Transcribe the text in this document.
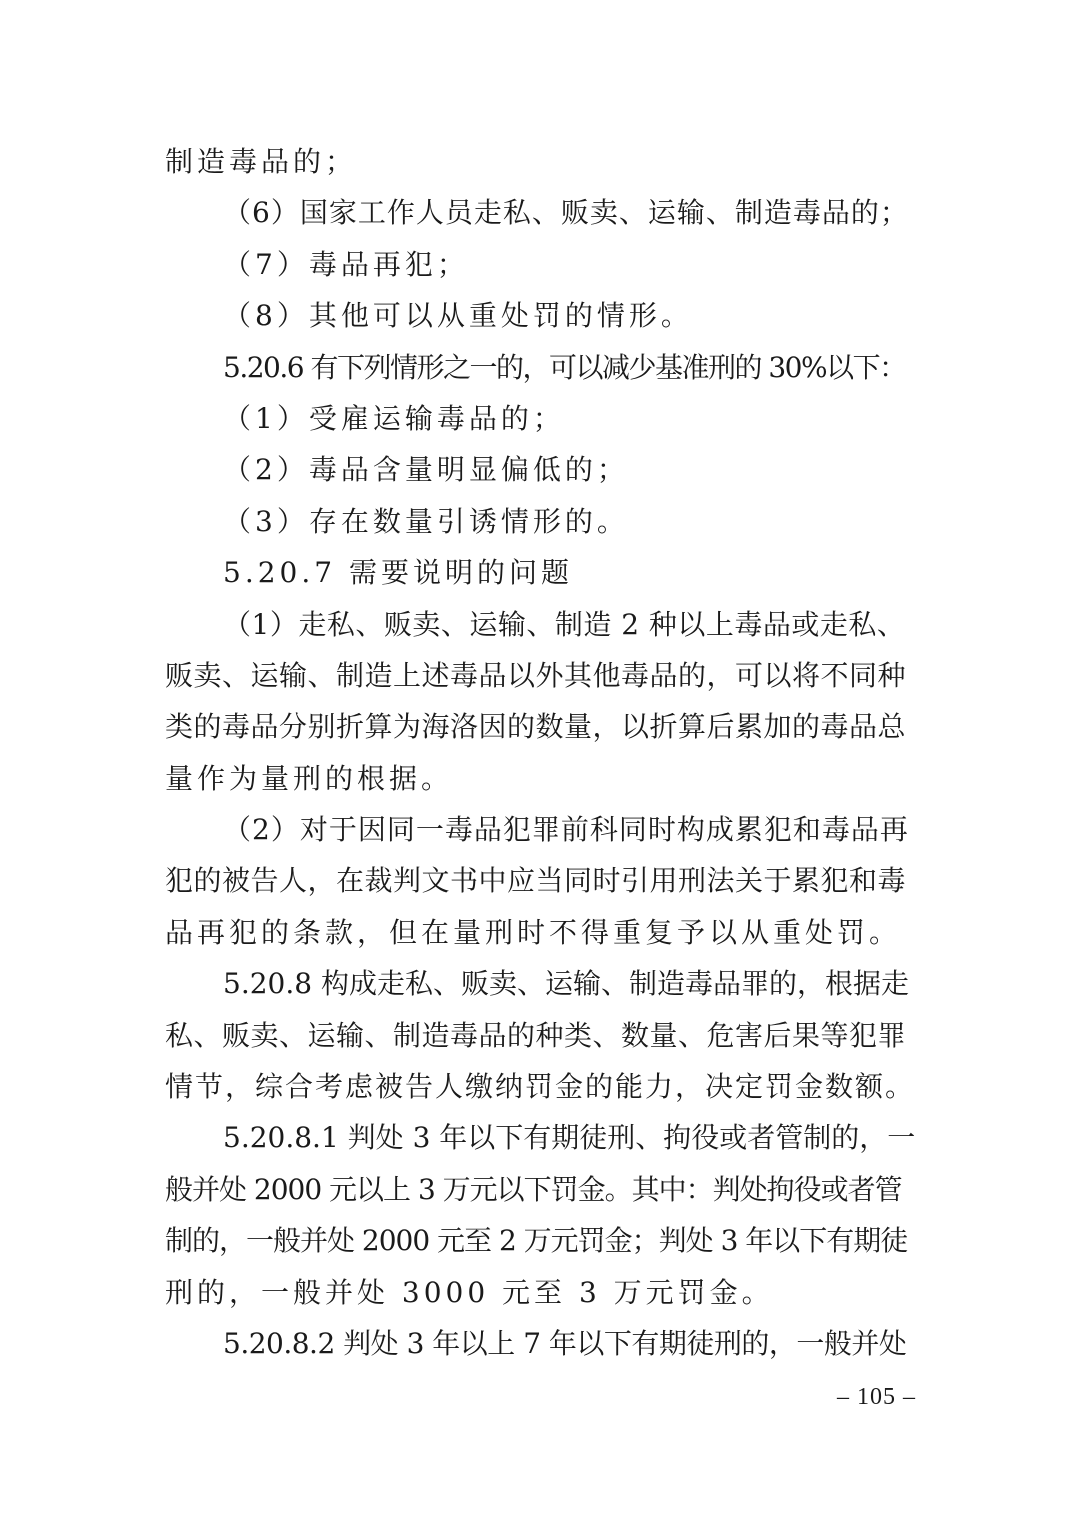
制造毒品的；
（6）国家工作人员走私、贩卖、运输、制造毒品的；
（7）毒品再犯；
（8）其他可以从重处罚的情形。
5.20.6 有下列情形之一的，可以减少基准刑的 30%以下：
（1）受雇运输毒品的；
（2）毒品含量明显偏低的；
（3）存在数量引诱情形的。
5.20.7 需要说明的问题
（1）走私、贩卖、运输、制造 2 种以上毒品或走私、
贩卖、运输、制造上述毒品以外其他毒品的，可以将不同种
类的毒品分别折算为海洛因的数量，以折算后累加的毒品总
量作为量刑的根据。
（2）对于因同一毒品犯罪前科同时构成累犯和毒品再
犯的被告人，在裁判文书中应当同时引用刑法关于累犯和毒
品再犯的条款，但在量刑时不得重复予以从重处罚。
5.20.8 构成走私、贩卖、运输、制造毒品罪的，根据走
私、贩卖、运输、制造毒品的种类、数量、危害后果等犯罪
情节，综合考虑被告人缴纳罚金的能力，决定罚金数额。
5.20.8.1 判处 3 年以下有期徒刑、拘役或者管制的，一
般并处 2000 元以上 3 万元以下罚金。其中：判处拘役或者管
制的，一般并处 2000 元至 2 万元罚金；判处 3 年以下有期徒
刑的，一般并处 3000 元至 3 万元罚金。
5.20.8.2 判处 3 年以上 7 年以下有期徒刑的，一般并处
– 105 –
